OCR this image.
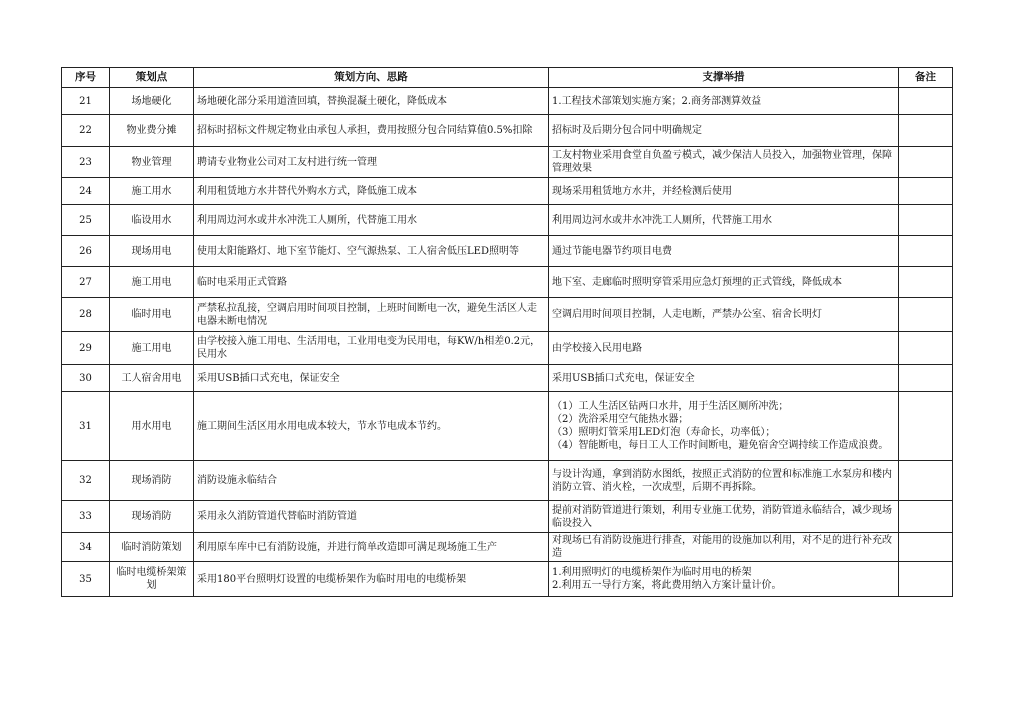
序号	策划点	策划方向、思路	支撑举措	备注
21	场地硬化	场地硬化部分采用道渣回填，替换混凝土硬化，降低成本	1.工程技术部策划实施方案；2.商务部测算效益	

22	物业费分摊	招标时招标文件规定物业由承包人承担，费用按照分包合同结算值0.5%扣除	招标时及后期分包合同中明确规定	

23	物业管理	聘请专业物业公司对工友村进行统一管理	工友村物业采用食堂自负盈亏模式，减少保洁人员投入，加强物业管理，保障管理效果	

24	施工用水	利用租赁地方水井替代外购水方式，降低施工成本	现场采用租赁地方水井，并经检测后使用	

25	临设用水	利用周边河水或井水冲洗工人厕所，代替施工用水	利用周边河水或井水冲洗工人厕所，代替施工用水	

26	现场用电	使用太阳能路灯、地下室节能灯、空气源热泵、工人宿舍低压LED照明等	通过节能电器节约项目电费	

27	施工用电	临时电采用正式管路	地下室、走廊临时照明穿管采用应急灯预埋的正式管线，降低成本	

28	临时用电	严禁私拉乱接，空调启用时间项目控制，上班时间断电一次，避免生活区人走电器未断电情况	空调启用时间项目控制，人走电断，严禁办公室、宿舍长明灯	

29	施工用电	由学校接入施工用电、生活用电，工业用电变为民用电，每KW/h相差0.2元，民用水	由学校接入民用电路	

30	工人宿舍用电	采用USB插口式充电，保证安全	采用USB插口式充电，保证安全	

31	用水用电	施工期间生活区用水用电成本较大，节水节电成本节约。	（1）工人生活区钻两口水井，用于生活区厕所冲洗；
（2）洗浴采用空气能热水器；
（3）照明灯管采用LED灯泡（寿命长，功率低）；
（4）智能断电，每日工人工作时间断电，避免宿舍空调持续工作造成浪费。	

32	现场消防	消防设施永临结合	与设计沟通，拿到消防水图纸，按照正式消防的位置和标准施工水泵房和楼内消防立管、消火栓，一次成型，后期不再拆除。	

33	现场消防	采用永久消防管道代替临时消防管道	提前对消防管道进行策划，利用专业施工优势，消防管道永临结合，减少现场临设投入	

34	临时消防策划	利用原车库中已有消防设施，并进行简单改造即可满足现场施工生产	对现场已有消防设施进行排查，对能用的设施加以利用，对不足的进行补充改造	

35	临时电缆桥架策划	采用180平台照明灯设置的电缆桥架作为临时用电的电缆桥架	1.利用照明灯的电缆桥架作为临时用电的桥架
2.利用五一导行方案，将此费用纳入方案计量计价。	
